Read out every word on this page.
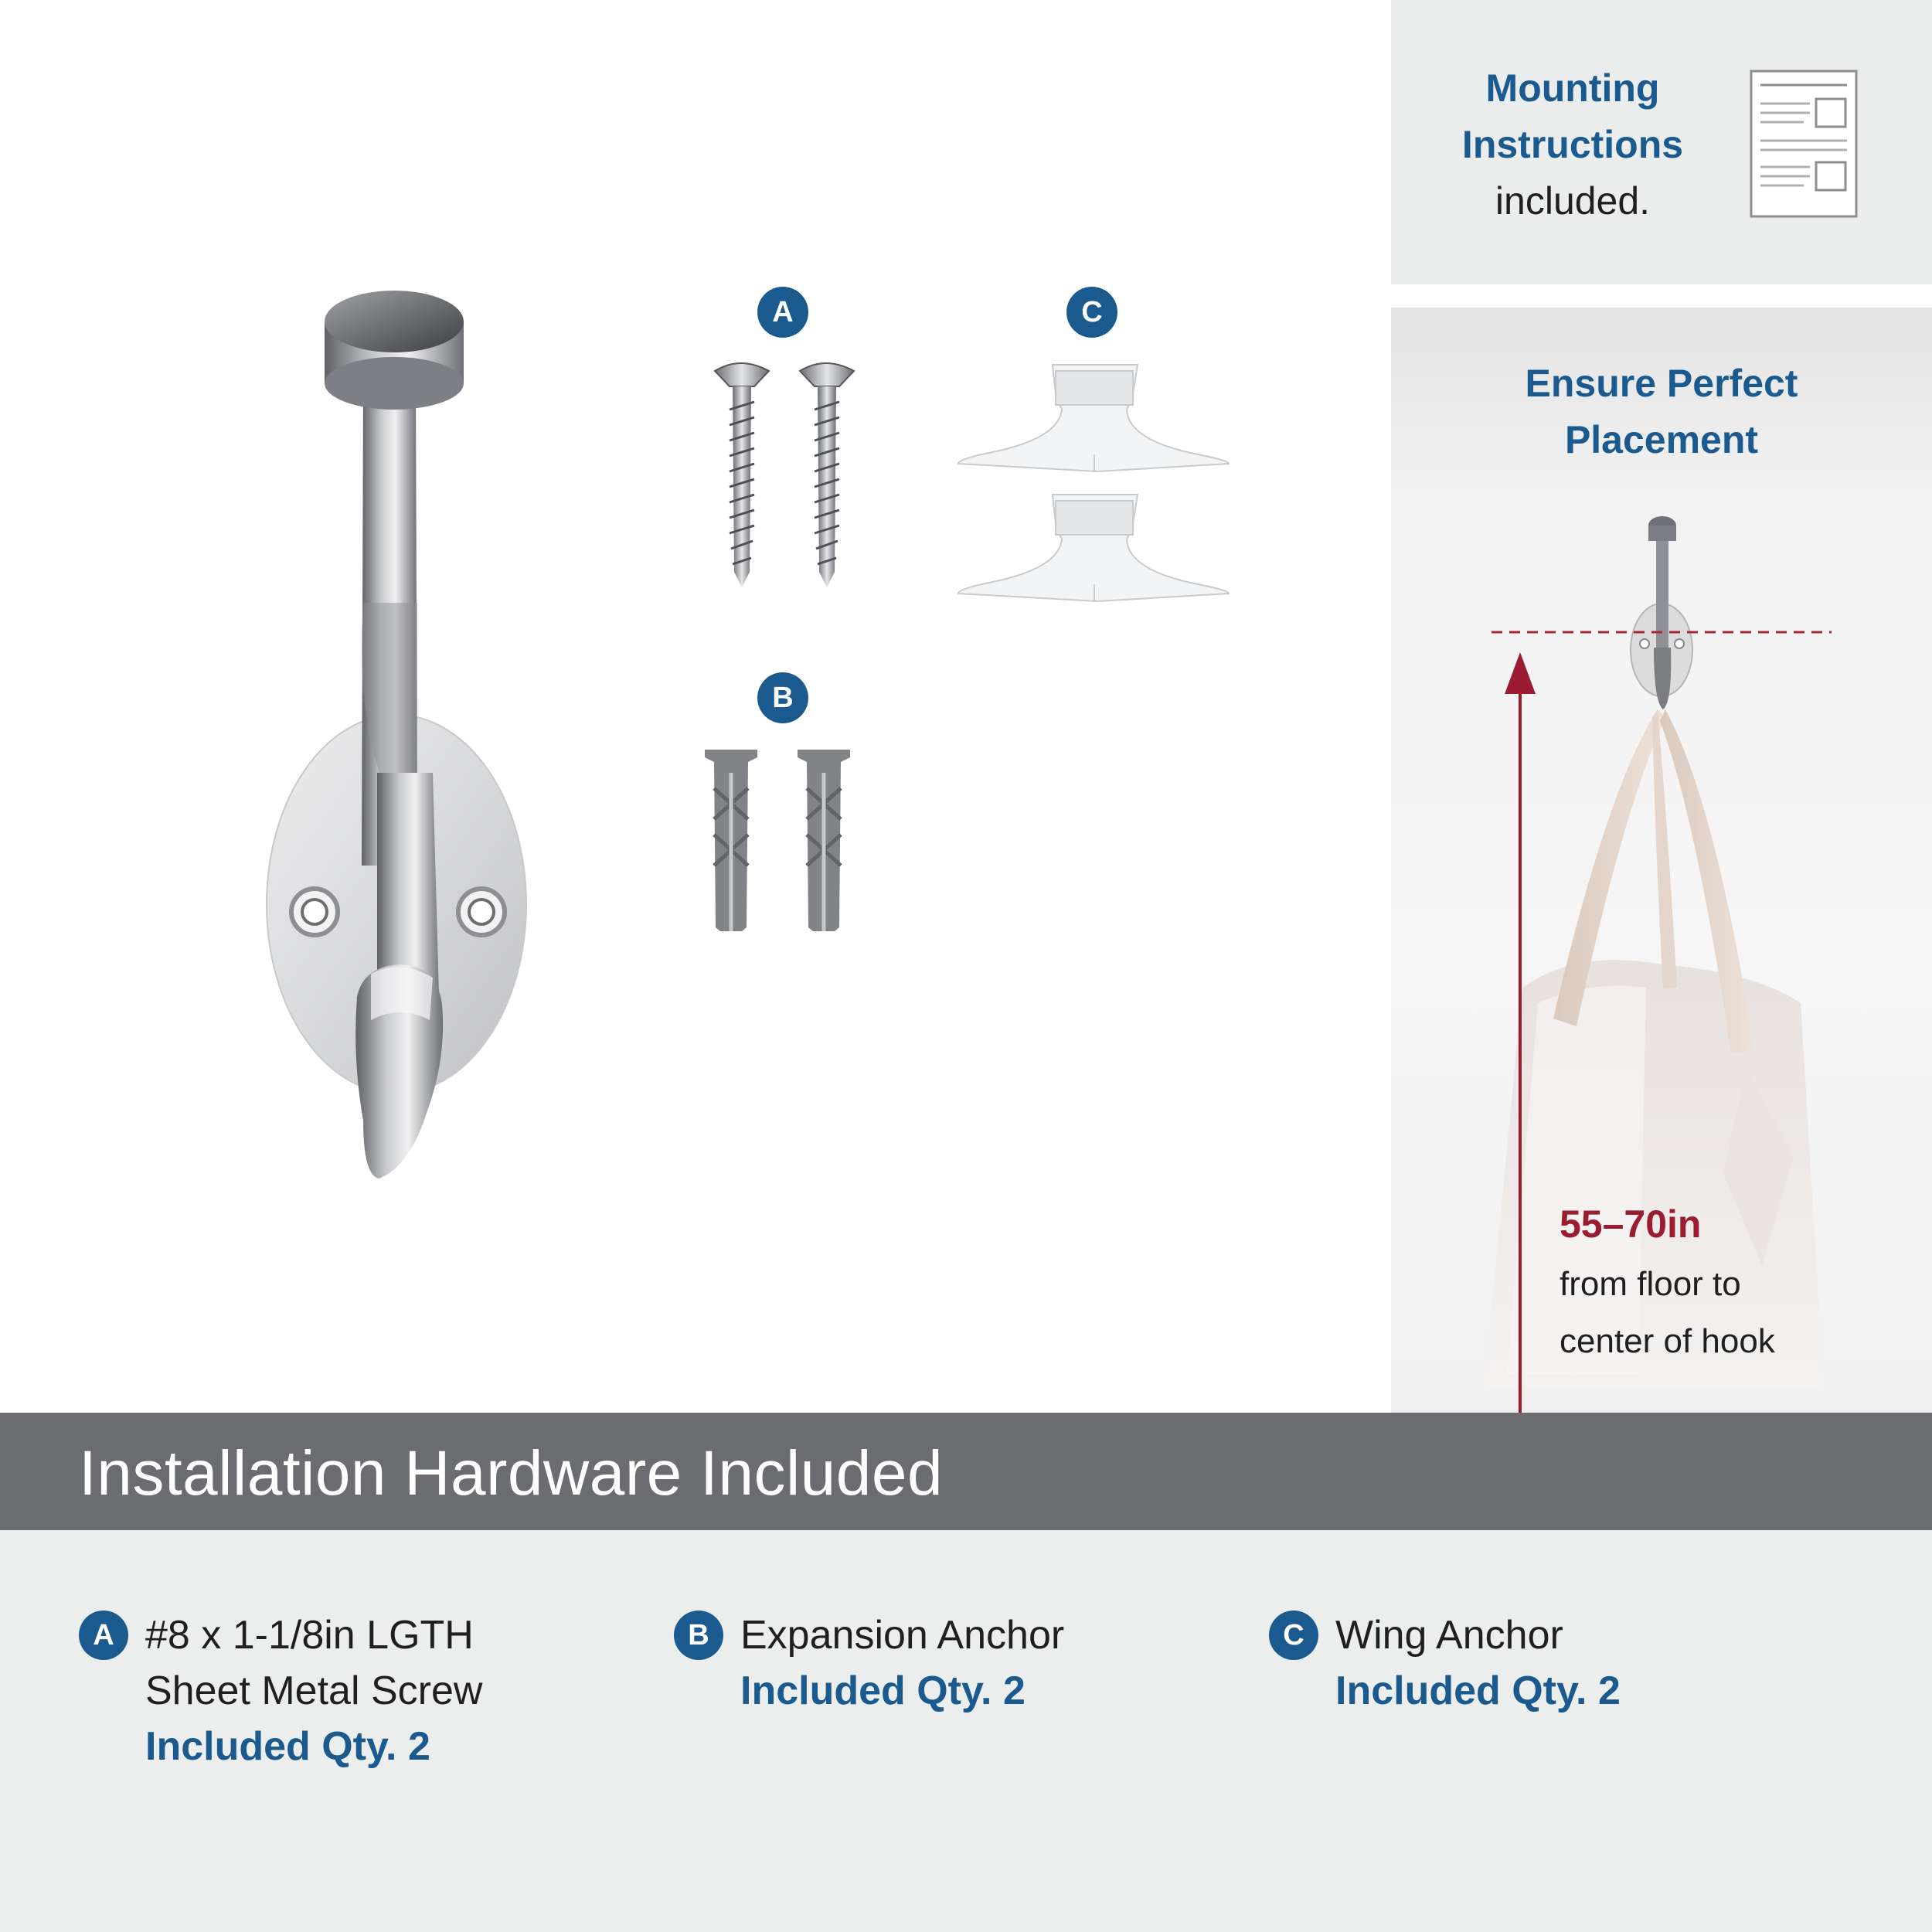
Mounting
Instructions
included.
Ensure Perfect
Placement
55–70in
from floor to
center of hook
A
B
C
Installation Hardware Included
A #8 x 1-1/8in LGTH
Sheet Metal Screw
Included Qty. 2
B Expansion Anchor
Included Qty. 2
C Wing Anchor
Included Qty. 2
